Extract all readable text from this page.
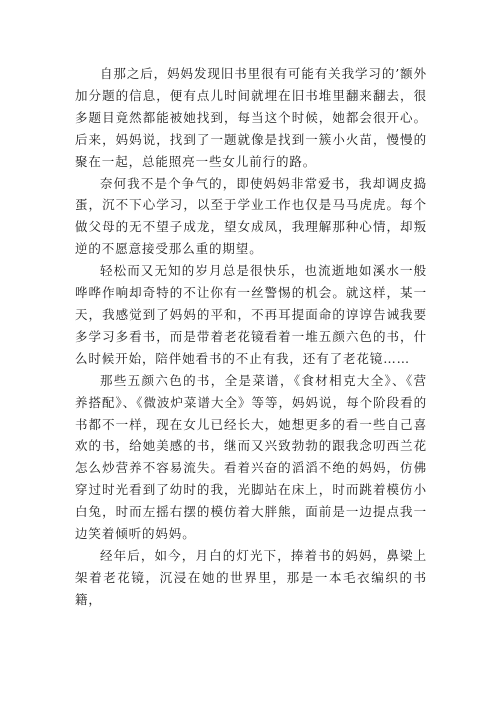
自那之后，妈妈发现旧书里很有可能有关我学习的’额外加分题的信息，便有点儿时间就埋在旧书堆里翻来翻去，很多题目竟然都能被她找到，每当这个时候，她都会很开心。后来，妈妈说，找到了一题就像是找到一簇小火苗，慢慢的聚在一起，总能照亮一些女儿前行的路。

奈何我不是个争气的，即使妈妈非常爱书，我却调皮捣蛋，沉不下心学习，以至于学业工作也仅是马马虎虎。每个做父母的无不望子成龙，望女成凤，我理解那种心情，却叛逆的不愿意接受那么重的期望。

轻松而又无知的岁月总是很快乐，也流逝地如溪水一般哗哗作响却奇特的不让你有一丝警惕的机会。就这样，某一天，我感觉到了妈妈的平和，不再耳提面命的谆谆告诫我要多学习多看书，而是带着老花镜看着一堆五颜六色的书，什么时候开始，陪伴她看书的不止有我，还有了老花镜……

那些五颜六色的书，全是菜谱，《食材相克大全》、《营养搭配》、《微波炉菜谱大全》等等，妈妈说，每个阶段看的书都不一样，现在女儿已经长大，她想更多的看一些自己喜欢的书，给她美感的书，继而又兴致勃勃的跟我念叨西兰花怎么炒营养不容易流失。看着兴奋的滔滔不绝的妈妈，仿佛穿过时光看到了幼时的我，光脚站在床上，时而跳着模仿小白兔，时而左摇右摆的模仿着大胖熊，面前是一边提点我一边笑着倾听的妈妈。

经年后，如今，月白的灯光下，捧着书的妈妈，鼻梁上架着老花镜，沉浸在她的世界里，那是一本毛衣编织的书籍，
